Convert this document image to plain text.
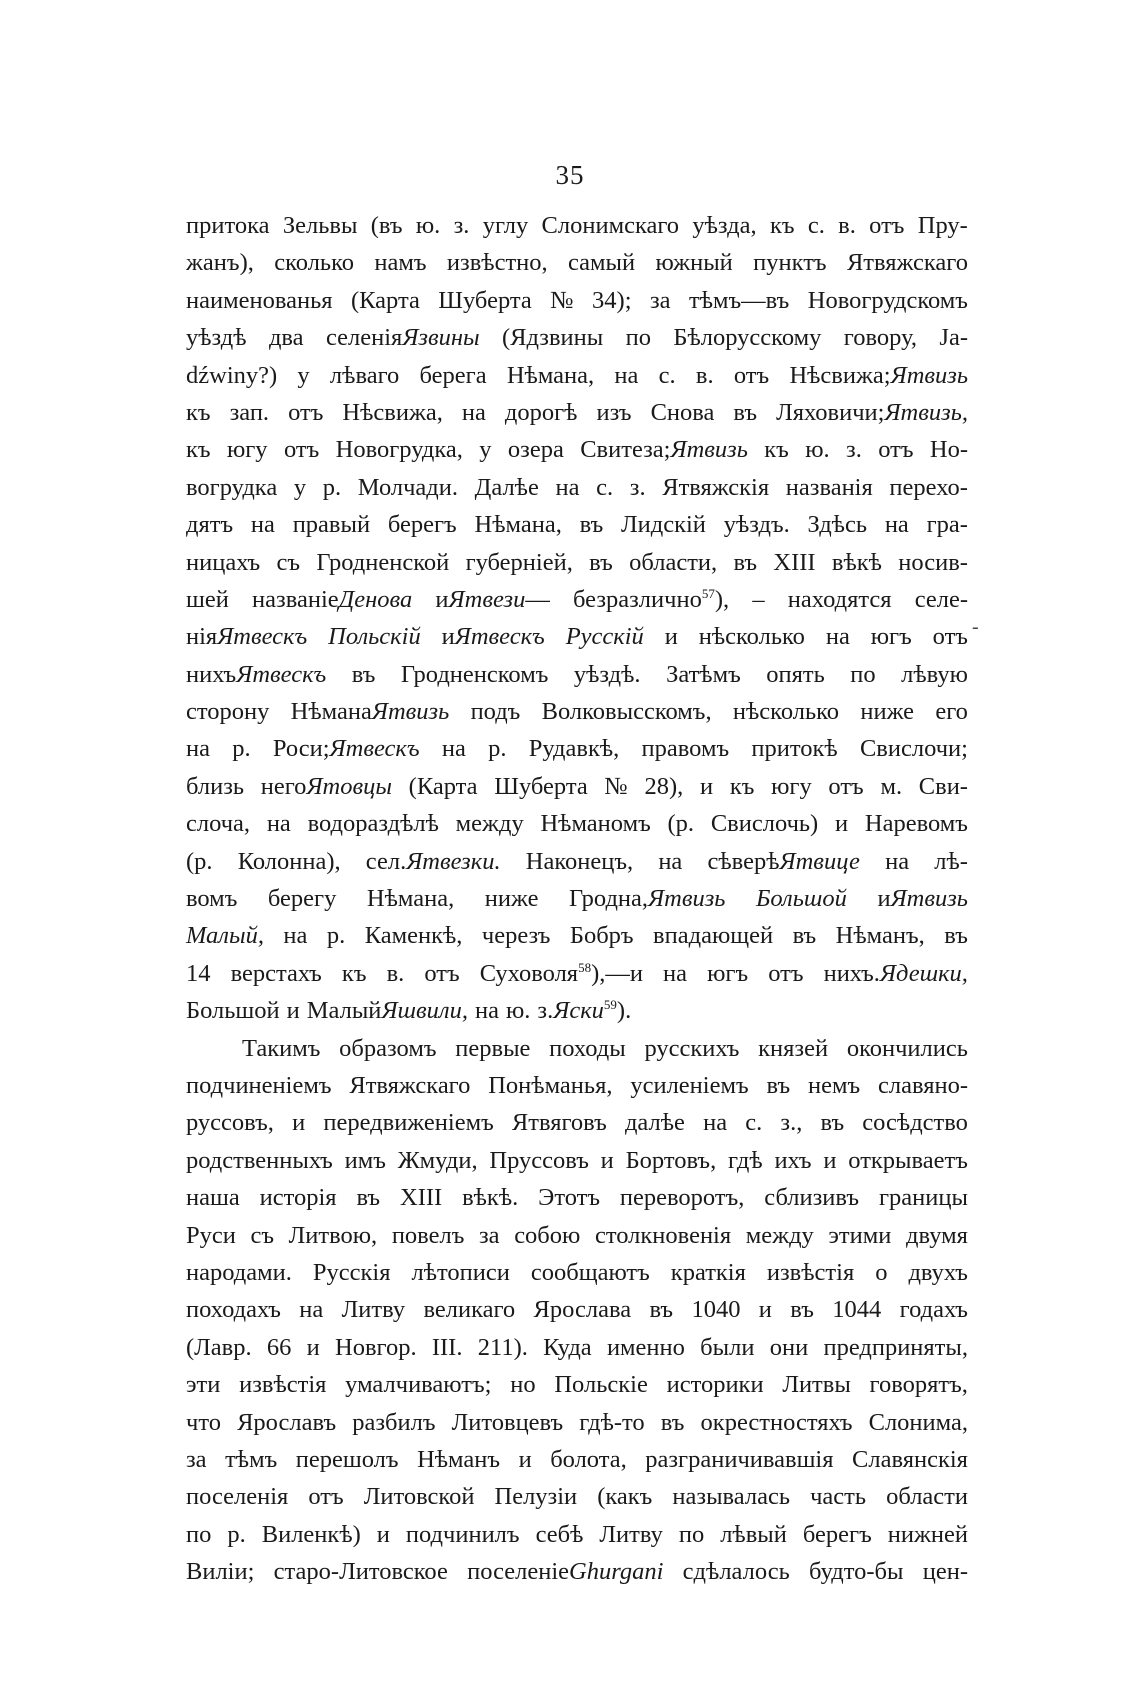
35
притока Зельвы (въ ю. з. углу Слонимскаго уѣзда, къ с. в. отъ Пру-
жанъ), сколько намъ извѣстно, самый южный пунктъ Ятвяжскаго
наименованья (Карта Шуберта № 34); за тѣмъ—въ Новогрудскомъ
уѣздѣ два селеніяЯзвины (Ядзвины по Бѣлорусскому говору, Ja-
dźwiny?) у лѣваго берега Нѣмана, на с. в. отъ Нѣсвижа;Ятвизь
къ зап. отъ Нѣсвижа, на дорогѣ изъ Снова въ Ляховичи;Ятвизь,
къ югу отъ Новогрудка, у озера Свитеза;Ятвизь къ ю. з. отъ Но-
вогрудка у р. Молчади. Далѣе на с. з. Ятвяжскія названія перехо-
дятъ на правый берегъ Нѣмана, въ Лидскій уѣздъ. Здѣсь на гра-
ницахъ съ Гродненской губерніей, въ области, въ XIII вѣкѣ носив-
шей названіеДенова иЯтвези— безразлично$^{57}$), – находятся селе-
ніяЯтвескъ Польскій иЯтвескъ Русскій и нѣсколько на югъ отъ
нихъЯтвескъ въ Гродненскомъ уѣздѣ. Затѣмъ опять по лѣвую
сторону НѣманаЯтвизь подъ Волковысскомъ, нѣсколько ниже его
на р. Роси;Ятвескъ на р. Рудавкѣ, правомъ притокѣ Свислочи;
близь негоЯтовцы (Карта Шуберта № 28), и къ югу отъ м. Сви-
слоча, на водораздѣлѣ между Нѣманомъ (р. Свислочь) и Наревомъ
(р. Колонна), сел.Ятвезки. Наконецъ, на сѣверѣЯтвице на лѣ-
вомъ берегу Нѣмана, ниже Гродна,Ятвизь Большой иЯтвизь
Малый, на р. Каменкѣ, черезъ Бобръ впадающей въ Нѣманъ, въ
14 верстахъ къ в. отъ Суховоля$^{58}$),—и на югъ отъ нихъ.Ядешки,
Большой и МалыйЯшвили, на ю. з.Яски$^{59}$).
Такимъ образомъ первые походы русскихъ князей окончились
подчиненіемъ Ятвяжскаго Понѣманья, усиленіемъ въ немъ славяно-
руссовъ, и передвиженіемъ Ятвяговъ далѣе на с. з., въ сосѣдство
родственныхъ имъ Жмуди, Пруссовъ и Бортовъ, гдѣ ихъ и открываетъ
наша исторія въ XIII вѣкѣ. Этотъ переворотъ, сблизивъ границы
Руси съ Литвою, повелъ за собою столкновенія между этими двумя
народами. Русскія лѣтописи сообщаютъ краткія извѣстія о двухъ
походахъ на Литву великаго Ярослава въ 1040 и въ 1044 годахъ
(Лавр. 66 и Новгор. III. 211). Куда именно были они предприняты,
эти извѣстія умалчиваютъ; но Польскіе историки Литвы говорятъ,
что Ярославъ разбилъ Литовцевъ гдѣ-то въ окрестностяхъ Слонима,
за тѣмъ перешолъ Нѣманъ и болота, разграничивавшія Славянскія
поселенія отъ Литовской Пелузіи (какъ называлась часть области
по р. Виленкѣ) и подчинилъ себѣ Литву по лѣвый берегъ нижней
Виліи; старо-Литовское поселеніеGhurgani сдѣлалось будто-бы цен-
-
